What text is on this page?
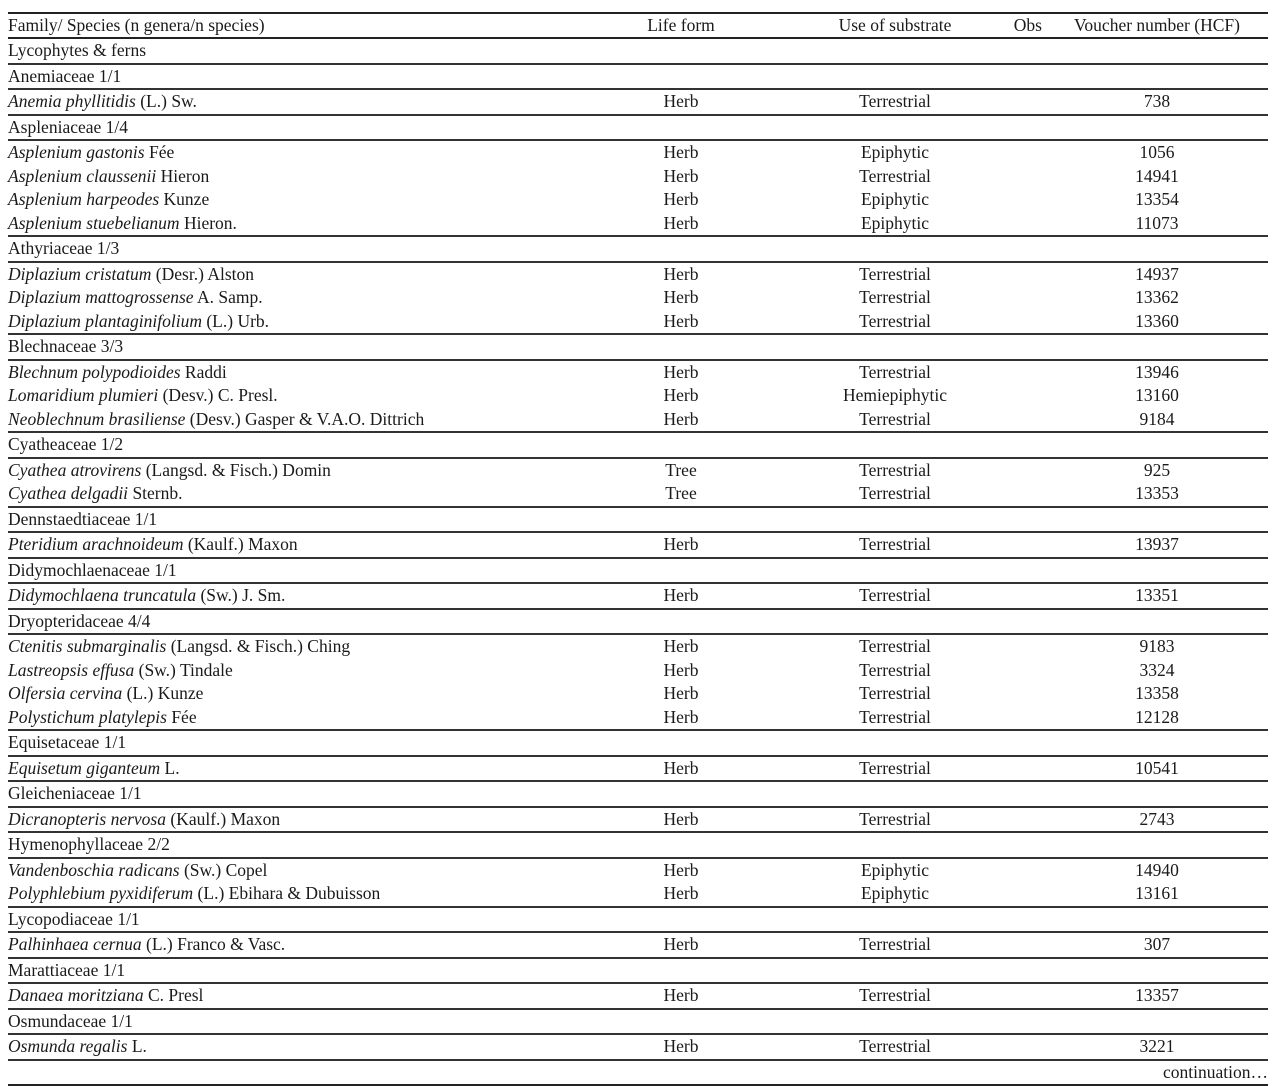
Family/ Species (n genera/n species)	Life form	Use of substrate	Obs	Voucher number (HCF)
Lycophytes & ferns				
Anemiaceae 1/1				
Anemia phyllitidis (L.) Sw.	Herb	Terrestrial		738
Aspleniaceae 1/4				
Asplenium gastonis Fée	Herb	Epiphytic		1056
Asplenium claussenii Hieron	Herb	Terrestrial		14941
Asplenium harpeodes Kunze	Herb	Epiphytic		13354
Asplenium stuebelianum Hieron.	Herb	Epiphytic		11073
Athyriaceae 1/3				
Diplazium cristatum (Desr.) Alston	Herb	Terrestrial		14937
Diplazium mattogrossense A. Samp.	Herb	Terrestrial		13362
Diplazium plantaginifolium (L.) Urb.	Herb	Terrestrial		13360
Blechnaceae 3/3				
Blechnum polypodioides Raddi	Herb	Terrestrial		13946
Lomaridium plumieri (Desv.) C. Presl.	Herb	Hemiepiphytic		13160
Neoblechnum brasiliense (Desv.) Gasper & V.A.O. Dittrich	Herb	Terrestrial		9184
Cyatheaceae 1/2				
Cyathea atrovirens (Langsd. & Fisch.) Domin	Tree	Terrestrial		925
Cyathea delgadii Sternb.	Tree	Terrestrial		13353
Dennstaedtiaceae 1/1				
Pteridium arachnoideum (Kaulf.) Maxon	Herb	Terrestrial		13937
Didymochlaenaceae 1/1				
Didymochlaena truncatula (Sw.) J. Sm.	Herb	Terrestrial		13351
Dryopteridaceae 4/4				
Ctenitis submarginalis (Langsd. & Fisch.) Ching	Herb	Terrestrial		9183
Lastreopsis effusa (Sw.) Tindale	Herb	Terrestrial		3324
Olfersia cervina (L.) Kunze	Herb	Terrestrial		13358
Polystichum platylepis Fée	Herb	Terrestrial		12128
Equisetaceae 1/1				
Equisetum giganteum L.	Herb	Terrestrial		10541
Gleicheniaceae 1/1				
Dicranopteris nervosa (Kaulf.) Maxon	Herb	Terrestrial		2743
Hymenophyllaceae 2/2				
Vandenboschia radicans (Sw.) Copel	Herb	Epiphytic		14940
Polyphlebium pyxidiferum (L.) Ebihara & Dubuisson	Herb	Epiphytic		13161
Lycopodiaceae 1/1				
Palhinhaea cernua (L.) Franco & Vasc.	Herb	Terrestrial		307
Marattiaceae 1/1				
Danaea moritziana C. Presl	Herb	Terrestrial		13357
Osmundaceae 1/1				
Osmunda regalis L.	Herb	Terrestrial		3221
continuation…				
